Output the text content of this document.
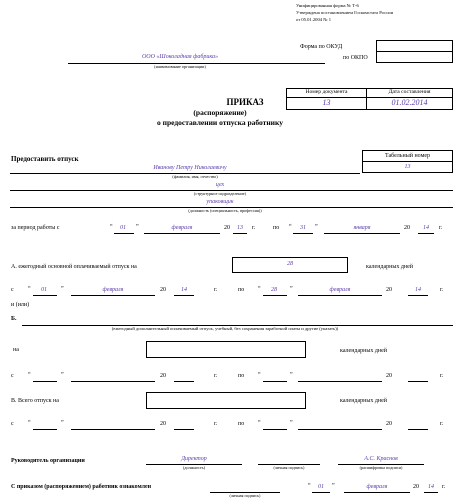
Унифицированная форма № Т-6
Утверждена постановлением Госкомстата России
от 05.01.2004 № 1
Форма по ОКУД
по ОКПО
ООО «Шоколадная фабрика»
(наименование организации)
Номер документа	Дата составления
13	01.02.2014
ПРИКАЗ
(распоряжение)
о предоставлении отпуска работнику
Предоставить отпуск	Табельный номер
13
Иванову Петру Николаевичу
(фамилия, имя, отчество)
цех
(структурное подразделение)
упаковщик
(должность (специальность, профессия))
за период работы с	“	01	”	февраля	20	13	г.	по “	31	”	января	20	14	г.
А. ежегодный основной оплачиваемый отпуск на	28	календарных дней
с “	01	”	февраля	20	14	г.	по “	28	”	февраля	20	14	г.
и (или)
Б.
(ежегодный дополнительный оплачиваемый отпуск, учебный, без сохранения заработной платы и другие (указать))
на	календарных дней
с “	”	20	г.	по “	”	20	г.
В. Всего отпуск на	календарных дней
с “	”	20	г.	по “	”	20	г.
Руководитель организации	Директор
(должность)	(личная подпись)
А.С. Краснов
(расшифровка подписи)
С приказом (распоряжением) работник ознакомлен
(личная подпись)
“	01	”	февраля	20	14	г.
